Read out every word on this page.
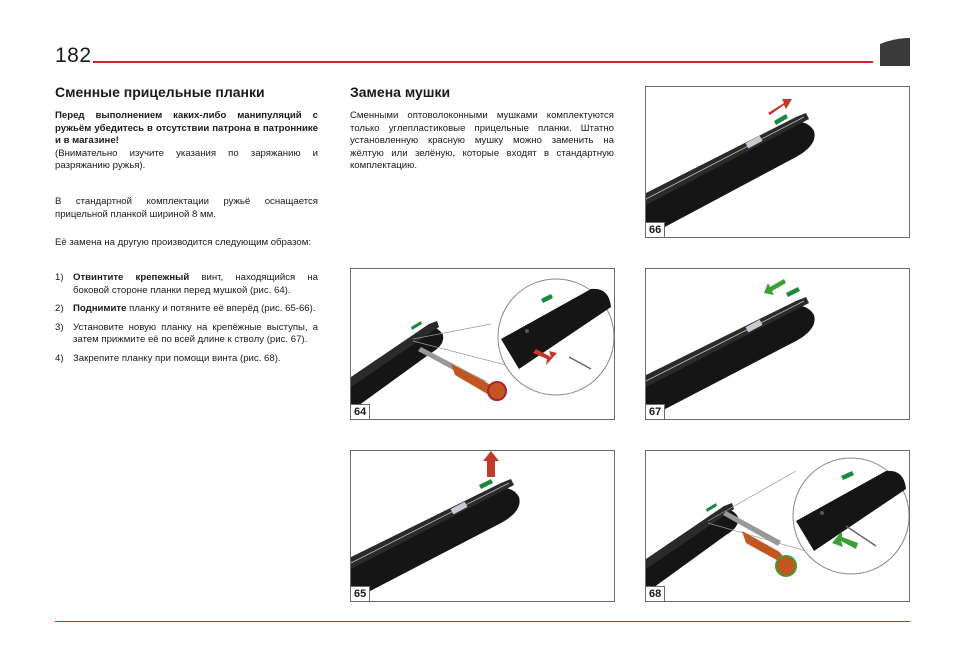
182
Сменные прицельные планки
Перед выполнением каких-либо манипуляций с ружьём убедитесь в отсутствии патрона в патроннике и в магазине!
(Внимательно изучите указания по заряжанию и разряжанию ружья).
В стандартной комплектации ружьё оснащается прицельной планкой шириной 8 мм.
Её замена на другую производится следующим образом:
1) Отвинтите крепежный винт, находящийся на боковой стороне планки перед мушкой (рис. 64).
2) Поднимите планку и потяните её вперёд (рис. 65-66).
3) Установите новую планку на крепёжные выступы, а затем прижмите её по всей длине к стволу (рис. 67).
4) Закрепите планку при помощи винта (рис. 68).
Замена мушки
Сменными оптоволоконными мушками комплектуются только углепластиковые прицельные планки. Штатно установленную красную мушку можно заменить на жёлтую или зелёную, которые входят в стандартную комплектацию.
66
64	67
65	68
